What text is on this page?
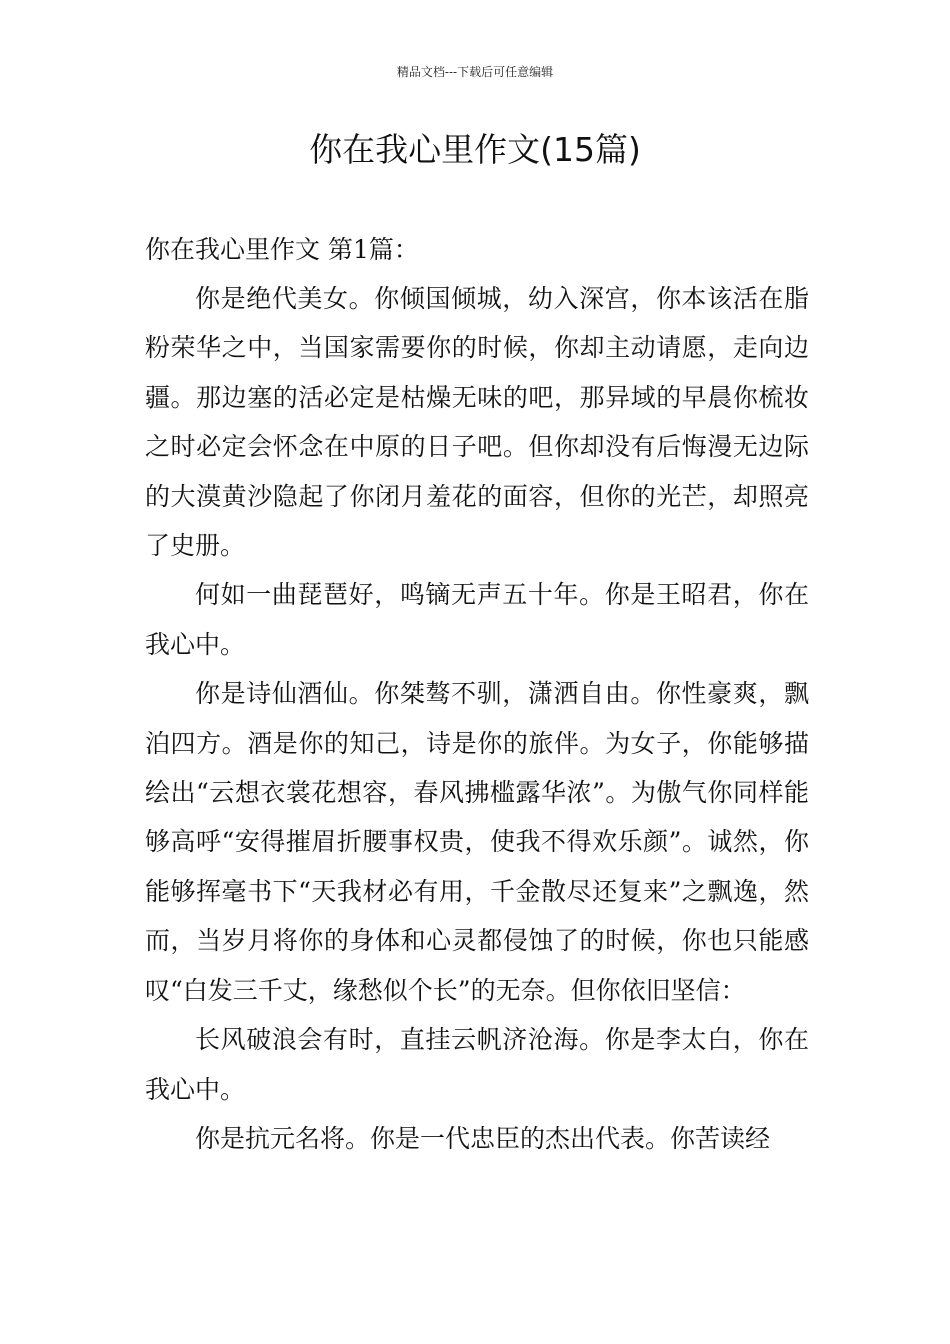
精品文档---下载后可任意编辑
你在我心里作文(15篇)

你在我心里作文 第1篇：

你是绝代美女。你倾国倾城，幼入深宫，你本该活在脂粉荣华之中，当国家需要你的时候，你却主动请愿，走向边疆。那边塞的活必定是枯燥无味的吧，那异域的早晨你梳妆之时必定会怀念在中原的日子吧。但你却没有后悔漫无边际的大漠黄沙隐起了你闭月羞花的面容，但你的光芒，却照亮了史册。

何如一曲琵琶好，鸣镝无声五十年。你是王昭君，你在我心中。

你是诗仙酒仙。你桀骜不驯，潇洒自由。你性豪爽，飘泊四方。酒是你的知己，诗是你的旅伴。为女子，你能够描绘出“云想衣裳花想容，春风拂槛露华浓”。为傲气你同样能够高呼“安得摧眉折腰事权贵，使我不得欢乐颜”。诚然，你能够挥毫书下“天我材必有用，千金散尽还复来”之飘逸，然而，当岁月将你的身体和心灵都侵蚀了的时候，你也只能感叹“白发三千丈，缘愁似个长”的无奈。但你依旧坚信：

长风破浪会有时，直挂云帆济沧海。你是李太白，你在我心中。

你是抗元名将。你是一代忠臣的杰出代表。你苦读经
